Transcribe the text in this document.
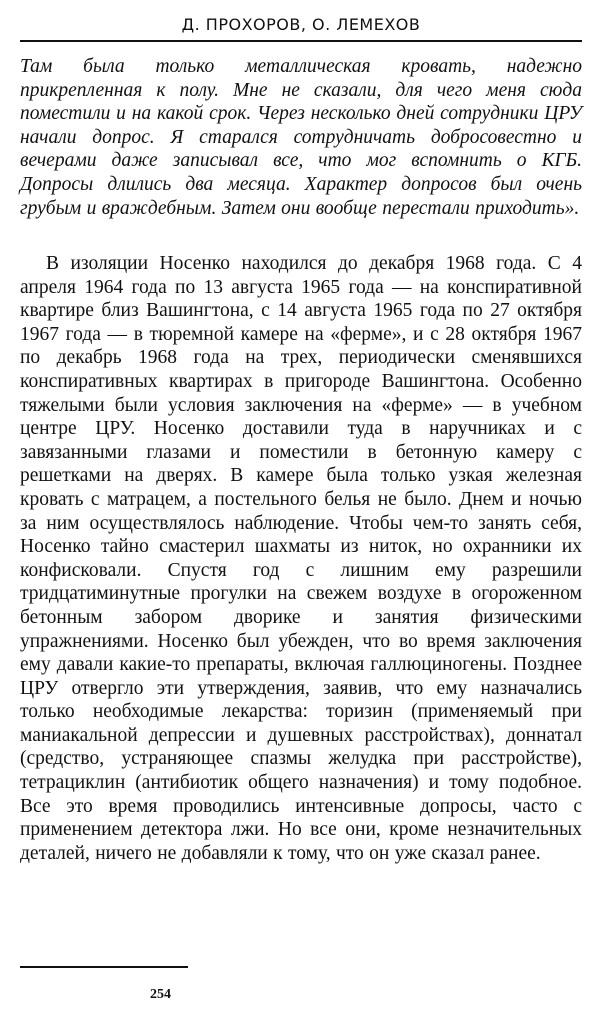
Д. ПРОХОРОВ, О. ЛЕМЕХОВ

Там была только металлическая кровать, надежно прикрепленная к полу. Мне не сказали, для чего меня сюда поместили и на какой срок. Через несколько дней сотрудники ЦРУ начали допрос. Я старался сотрудничать добросовестно и вечерами даже записывал все, что мог вспомнить о КГБ. Допросы длились два месяца. Характер допросов был очень грубым и враждебным. Затем они вообще перестали приходить».

В изоляции Носенко находился до декабря 1968 года. С 4 апреля 1964 года по 13 августа 1965 года — на конспиративной квартире близ Вашингтона, с 14 августа 1965 года по 27 октября 1967 года — в тюремной камере на «ферме», и с 28 октября 1967 по декабрь 1968 года на трех, периодически сменявшихся конспиративных квартирах в пригороде Вашингтона. Особенно тяжелыми были условия заключения на «ферме» — в учебном центре ЦРУ. Носенко доставили туда в наручниках и с завязанными глазами и поместили в бетонную камеру с решетками на дверях. В камере была только узкая железная кровать с матрацем, а постельного белья не было. Днем и ночью за ним осуществлялось наблюдение. Чтобы чем-то занять себя, Носенко тайно смастерил шахматы из ниток, но охранники их конфисковали. Спустя год с лишним ему разрешили тридцатиминутные прогулки на свежем воздухе в огороженном бетонным забором дворике и занятия физическими упражнениями. Носенко был убежден, что во время заключения ему давали какие-то препараты, включая галлюциногены. Позднее ЦРУ отвергло эти утверждения, заявив, что ему назначались только необходимые лекарства: торизин (применяемый при маниакальной депрессии и душевных расстройствах), доннатал (средство, устраняющее спазмы желудка при расстройстве), тетрациклин (антибиотик общего назначения) и тому подобное. Все это время проводились интенсивные допросы, часто с применением детектора лжи. Но все они, кроме незначительных деталей, ничего не добавляли к тому, что он уже сказал ранее.

254
